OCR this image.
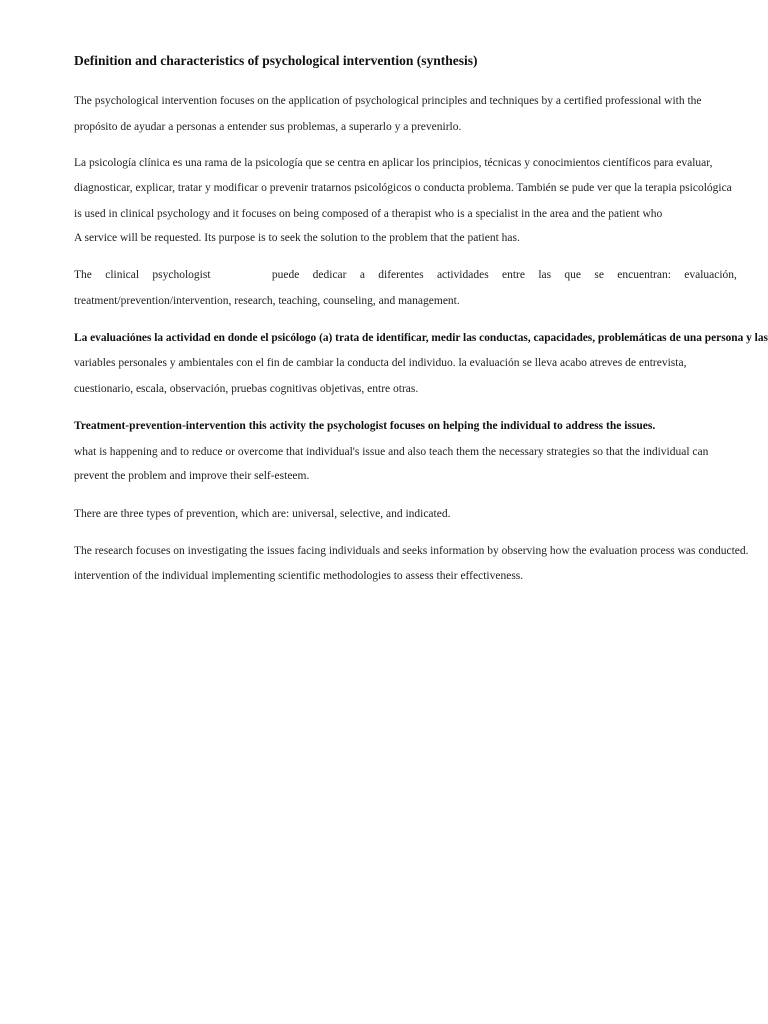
Definition and characteristics of psychological intervention (synthesis)
The psychological intervention focuses on the application of psychological principles and techniques by a certified professional with the
propósito de ayudar a personas a entender sus problemas, a superarlo y a prevenirlo.
La psicología clínica es una rama de la psicología que se centra en aplicar los principios, técnicas y conocimientos científicos para evaluar,
diagnosticar, explicar, tratar y modificar o prevenir tratarnos psicológicos o conducta problema. También se pude ver que la terapia psicológica
is used in clinical psychology and it focuses on being composed of a therapist who is a specialist in the area and the patient who
A service will be requested. Its purpose is to seek the solution to the problem that the patient has.
The clinical psychologist	puede dedicar a diferentes actividades entre las que se encuentran: evaluación,
treatment/prevention/intervention, research, teaching, counseling, and management.
La evaluaciónes la actividad en donde el psicólogo (a) trata de identificar, medir las conductas, capacidades, problemáticas de una persona y las
variables personales y ambientales con el fin de cambiar la conducta del individuo. la evaluación se lleva acabo atreves de entrevista,
cuestionario, escala, observación, pruebas cognitivas objetivas, entre otras.
Treatment-prevention-intervention this activity the psychologist focuses on helping the individual to address the issues.
what is happening and to reduce or overcome that individual's issue and also teach them the necessary strategies so that the individual can
prevent the problem and improve their self-esteem.
There are three types of prevention, which are: universal, selective, and indicated.
The research focuses on investigating the issues facing individuals and seeks information by observing how the evaluation process was conducted.
intervention of the individual implementing scientific methodologies to assess their effectiveness.
